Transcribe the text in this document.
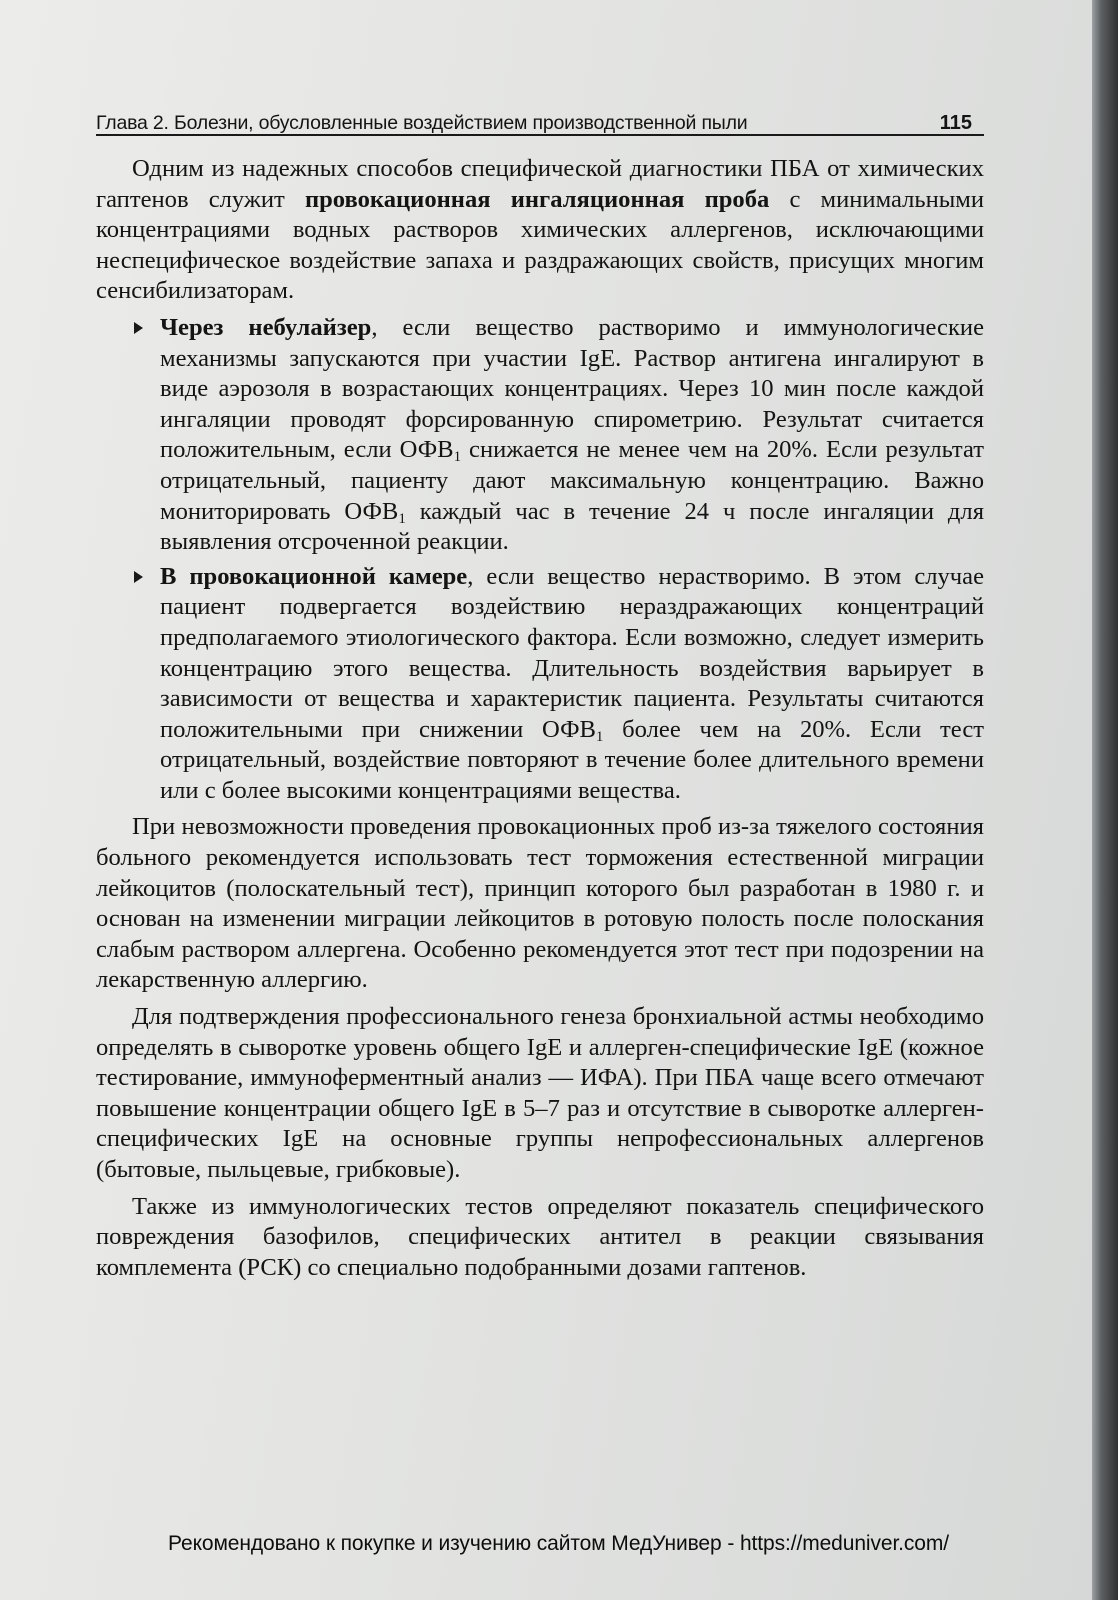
Глава 2. Болезни, обусловленные воздействием производственной пыли	115

Одним из надежных способов специфической диагностики ПБА от химических гаптенов служит провокационная ингаляционная проба с минимальными концентрациями водных растворов химических аллергенов, исключающими неспецифическое воздействие запаха и раздражающих свойств, присущих многим сенсибилизаторам.

Через небулайзер, если вещество растворимо и иммунологические механизмы запускаются при участии IgE. Раствор антигена ингалируют в виде аэрозоля в возрастающих концентрациях. Через 10 мин после каждой ингаляции проводят форсированную спирометрию. Результат считается положительным, если $ОФВ_1$ снижается не менее чем на 20%. Если результат отрицательный, пациенту дают максимальную концентрацию. Важно мониторировать $ОФВ_1$ каждый час в течение 24 ч после ингаляции для выявления отсроченной реакции.
В провокационной камере, если вещество нерастворимо. В этом случае пациент подвергается воздействию нераздражающих концентраций предполагаемого этиологического фактора. Если возможно, следует измерить концентрацию этого вещества. Длительность воздействия варьирует в зависимости от вещества и характеристик пациента. Результаты считаются положительными при снижении $ОФВ_1$ более чем на 20%. Если тест отрицательный, воздействие повторяют в течение более длительного времени или с более высокими концентрациями вещества.

При невозможности проведения провокационных проб из-за тяжелого состояния больного рекомендуется использовать тест торможения естественной миграции лейкоцитов (полоскательный тест), принцип которого был разработан в 1980 г. и основан на изменении миграции лейкоцитов в ротовую полость после полоскания слабым раствором аллергена. Особенно рекомендуется этот тест при подозрении на лекарственную аллергию.

Для подтверждения профессионального генеза бронхиальной астмы необходимо определять в сыворотке уровень общего IgE и аллерген-специфические IgE (кожное тестирование, иммуноферментный анализ — ИФА). При ПБА чаще всего отмечают повышение концентрации общего IgE в 5–7 раз и отсутствие в сыворотке аллерген-специфических IgE на основные группы непрофессиональных аллергенов (бытовые, пыльцевые, грибковые).

Также из иммунологических тестов определяют показатель специфического повреждения базофилов, специфических антител в реакции связывания комплемента (РСК) со специально подобранными дозами гаптенов.

Рекомендовано к покупке и изучению сайтом МедУнивер - https://meduniver.com/
